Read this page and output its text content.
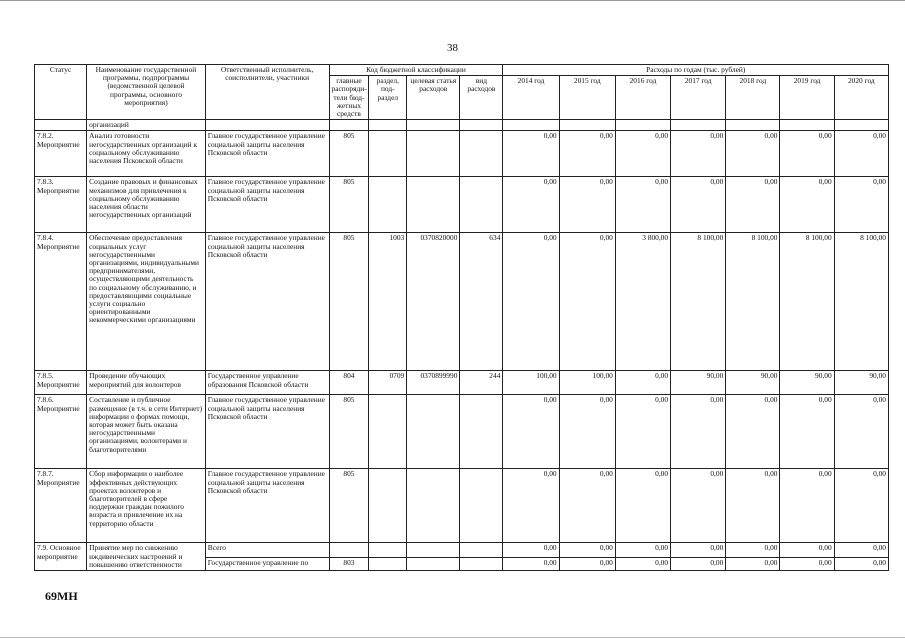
38
Статус	Наименование государственной программы, подпрограммы (ведомственной целевой программы, основного мероприятия)	Ответственный исполнитель, соисполнители, участники	Код бюджетной классификации				Расходы по годам (тыс. рублей)						
			главные распоряди-тели бюд-жетных средств	раздел, под-раздел	целевая статья расходов	вид расходов	2014 год	2015 год	2016 год	2017 год	2018 год	2019 год	2020 год
	организаций												
7.8.2. Мероприятие	Анализ готовности негосударственных организаций к социальному обслуживанию населения Псковской области	Главное государственное управление социальной защиты населения Псковской области	805				0,00	0,00	0,00	0,00	0,00	0,00	0,00
7.8.3. Мероприятие	Создание правовых и финансовых механизмов для привлечения к социальному обслуживанию населения области негосударственных организаций	Главное государственное управление социальной защиты населения Псковской области	805				0,00	0,00	0,00	0,00	0,00	0,00	0,00
7.8.4. Мероприятие	Обеспечение предоставления социальных услуг негосударственными организациями, индивидуальными предпринимателями, осуществляющими деятельность по социальному обслуживанию, и предоставляющими социальные услуги социально ориентированными некоммерческими организациями	Главное государственное управление социальной защиты населения Псковской области	805	1003	0370820000	634	0,00	0,00	3 800,00	8 100,00	8 100,00	8 100,00	8 100,00
7.8.5. Мероприятие	Проведение обучающих мероприятий для волонтеров	Государственное управление образования Псковской области	804	0709	0370899990	244	100,00	100,00	0,00	90,00	90,00	90,00	90,00
7.8.6. Мероприятие	Составление и публичное размещение (в т.ч. в сети Интернет) информации о формах помощи, которая может быть оказана негосударственными организациями, волонтерами и благотворителями	Главное государственное управление социальной защиты населения Псковской области	805				0,00	0,00	0,00	0,00	0,00	0,00	0,00
7.8.7. Мероприятие	Сбор информации о наиболее эффективных действующих проектах волонтеров и благотворителей в сфере поддержки граждан пожилого возраста и привлечение их на территорию области	Главное государственное управление социальной защиты населения Псковской области	805				0,00	0,00	0,00	0,00	0,00	0,00	0,00
7.9. Основное мероприятие	Принятие мер по снижению иждивенческих настроений и повышению ответственности	Всего					0,00	0,00	0,00	0,00	0,00	0,00	0,00
		Государственное управление по	803				0,00	0,00	0,00	0,00	0,00	0,00	0,00
69МН
